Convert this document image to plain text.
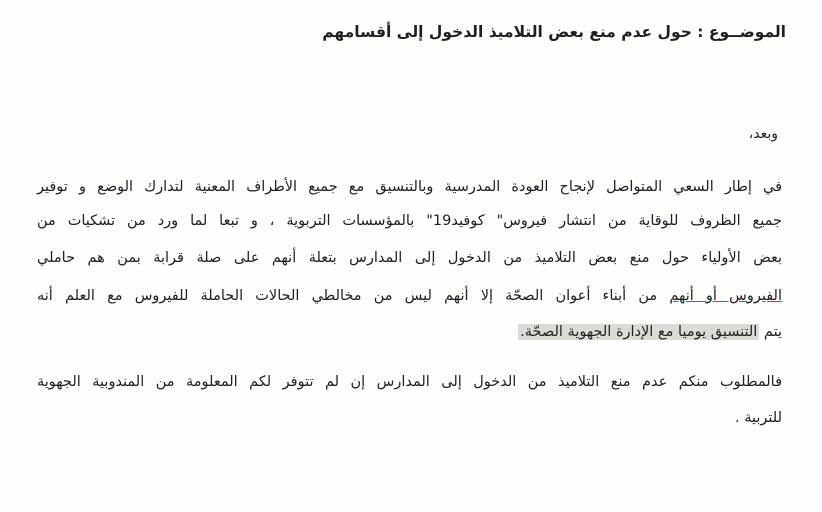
الموضــوع : حول عدم منع بعض التلاميذ الدخول إلى أقسامهم
وبعد،
في إطار السعي المتواصل لإنجاح العودة المدرسية وبالتنسيق مع جميع الأطراف المعنية لتدارك الوضع و توفير
جميع الظروف للوقاية من انتشار فيروس" كوفيد19" بالمؤسسات التربوية ، و تبعا لما ورد من تشكيات من
بعض الأولياء حول منع بعض التلاميذ من الدخول إلى المدارس بتعلة أنهم على صلة قرابة بمن هم حاملي
الفيروس أو أنهم من أبناء أعوان الصحّة إلا أنهم ليس من مخالطي الحالات الحاملة للفيروس مع العلم أنه
يتم التنسيق يوميا مع الإدارة الجهوية الصحّة.
فالمطلوب منكم عدم منع التلاميذ من الدخول إلى المدارس إن لم تتوفر لكم المعلومة من المندوبية الجهوية
للتربية .
